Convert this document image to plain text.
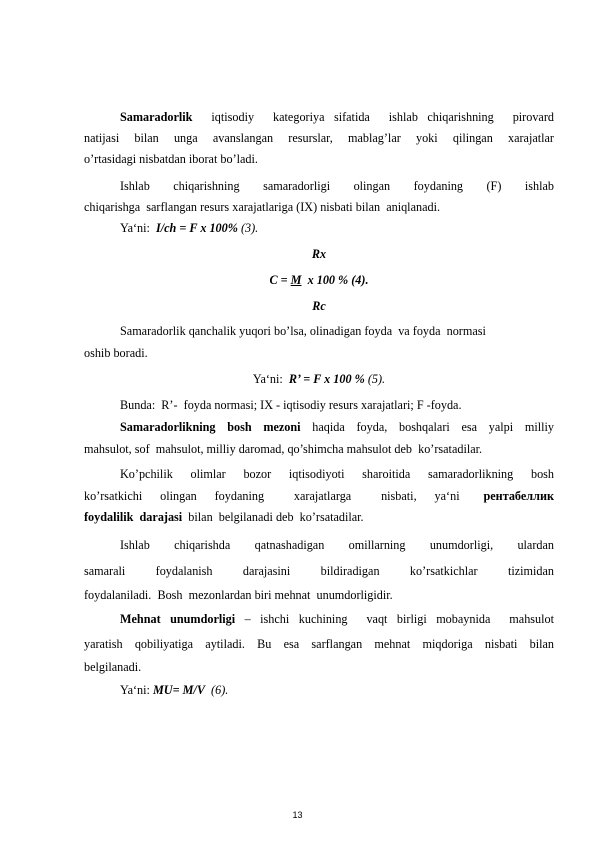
Samaradorlik  iqtisodiy  kategoriya sifatida  ishlab chiqarishning  pirovard
natijasi bilan unga avanslangan resurslar, mablag’lar yoki qilingan xarajatlar
o’rtasidagi nisbatdan iborat bo’ladi.
Ishlab chiqarishning samaradorligi olingan foydaning (F) ishlab
chiqarishga  sarflangan resurs xarajatlariga (IX) nisbati bilan  aniqlanadi.
Ya‘ni: I/ch = F x 100% (3).
Rx
C = M  x 100 % (4).
Rc
Samaradorlik qanchalik yuqori bo’lsa, olinadigan foyda  va foyda  normasi
oshib boradi.
Ya‘ni: R’ = F x 100 % (5).
Bunda:  R’-  foyda normasi; IX - iqtisodiy resurs xarajatlari; F -foyda.
Samaradorlikning bosh mezoni haqida foyda, boshqalari esa yalpi milliy
mahsulot, sof  mahsulot, milliy daromad, qo’shimcha mahsulot deb  ko’rsatadilar.
Ko’pchilik olimlar bozor iqtisodiyoti sharoitida samaradorlikning bosh
ko’rsatkichi   olingan   foydaning     xarajatlarga     nisbati,   ya‘ni    рентабеллик
foydalilik  darajasi  bilan  belgilanadi deb  ko’rsatadilar.
Ishlab chiqarishda qatnashadigan omillarning unumdorligi, ulardan
samarali foydalanish darajasini bildiradigan ko’rsatkichlar tizimidan
foydalaniladi.  Bosh  mezonlardan biri mehnat  unumdorligidir.
Mehnat unumdorligi – ishchi kuchining  vaqt birligi mobaynida  mahsulot
yaratish qobiliyatiga aytiladi. Bu esa sarflangan mehnat miqdoriga nisbati bilan
belgilanadi.
Ya‘ni: MU= M/V  (6).
13
